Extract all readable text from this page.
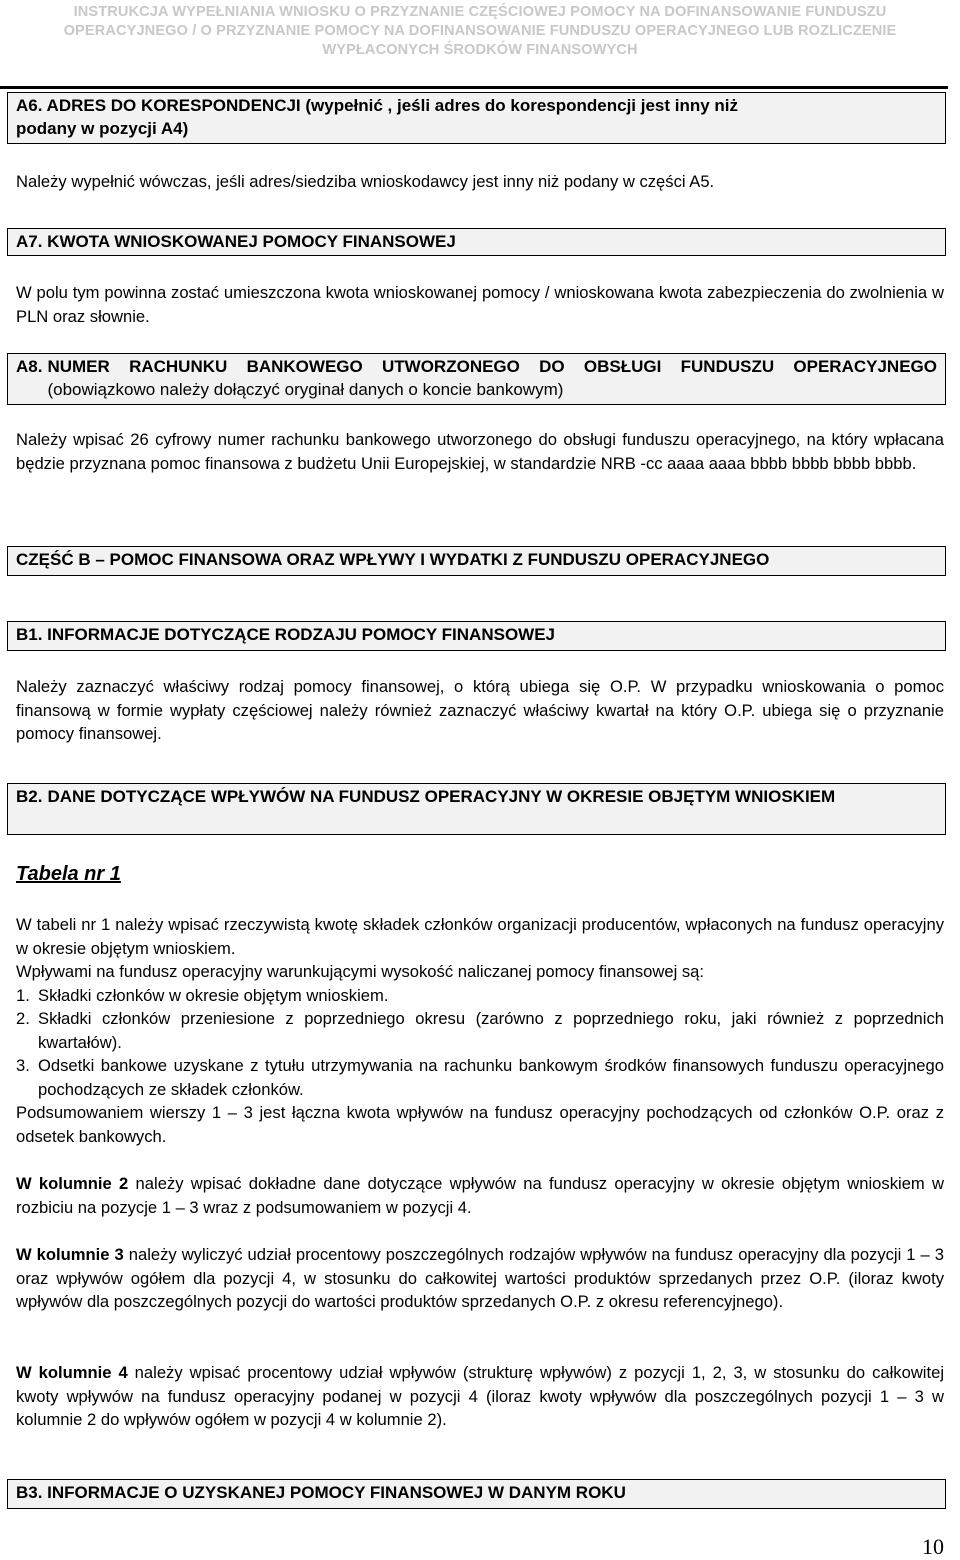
INSTRUKCJA WYPEŁNIANIA WNIOSKU O PRZYZNANIE CZĘŚCIOWEJ POMOCY NA DOFINANSOWANIE FUNDUSZU
OPERACYJNEGO / O PRZYZNANIE POMOCY NA DOFINANSOWANIE FUNDUSZU OPERACYJNEGO LUB ROZLICZENIE
WYPŁACONYCH ŚRODKÓW FINANSOWYCH
A6. ADRES DO KORESPONDENCJI (wypełnić , jeśli adres do korespondencji jest inny niż
podany w pozycji A4)
Należy wypełnić wówczas, jeśli adres/siedziba wnioskodawcy jest inny niż podany w części A5.
A7. KWOTA WNIOSKOWANEJ POMOCY FINANSOWEJ
W polu tym powinna zostać umieszczona kwota wnioskowanej pomocy / wnioskowana kwota zabezpieczenia do zwolnienia w PLN oraz słownie.
A8. NUMER RACHUNKU BANKOWEGO UTWORZONEGO DO OBSŁUGI FUNDUSZU OPERACYJNEGO (obowiązkowo należy dołączyć oryginał danych o koncie bankowym)
Należy wpisać 26 cyfrowy numer rachunku bankowego utworzonego do obsługi funduszu operacyjnego, na który wpłacana będzie przyznana pomoc finansowa z budżetu Unii Europejskiej, w standardzie NRB -cc aaaa aaaa bbbb bbbb bbbb bbbb.
CZĘŚĆ B – POMOC FINANSOWA ORAZ WPŁYWY I WYDATKI Z FUNDUSZU OPERACYJNEGO
B1. INFORMACJE DOTYCZĄCE RODZAJU POMOCY FINANSOWEJ
Należy zaznaczyć właściwy rodzaj pomocy finansowej, o którą ubiega się O.P. W przypadku wnioskowania o pomoc finansową w formie wypłaty częściowej należy również zaznaczyć właściwy kwartał na który O.P. ubiega się o przyznanie pomocy finansowej.
B2. DANE DOTYCZĄCE WPŁYWÓW NA FUNDUSZ OPERACYJNY W OKRESIE OBJĘTYM WNIOSKIEM
Tabela nr 1
W tabeli nr 1 należy wpisać rzeczywistą kwotę składek członków organizacji producentów, wpłaconych na fundusz operacyjny w okresie objętym wnioskiem.
Wpływami na fundusz operacyjny warunkującymi wysokość naliczanej pomocy finansowej są:
1. Składki członków w okresie objętym wnioskiem.
2. Składki członków przeniesione z poprzedniego okresu (zarówno z poprzedniego roku, jaki również z poprzednich kwartałów).
3. Odsetki bankowe uzyskane z tytułu utrzymywania na rachunku bankowym środków finansowych funduszu operacyjnego pochodzących ze składek członków.
Podsumowaniem wierszy 1 – 3 jest łączna kwota wpływów na fundusz operacyjny pochodzących od członków O.P. oraz z odsetek bankowych.
W kolumnie 2 należy wpisać dokładne dane dotyczące wpływów na fundusz operacyjny w okresie objętym wnioskiem w rozbiciu na pozycje 1 – 3 wraz z podsumowaniem w pozycji 4.
W kolumnie 3 należy wyliczyć udział procentowy poszczególnych rodzajów wpływów na fundusz operacyjny dla pozycji 1 – 3 oraz wpływów ogółem dla pozycji 4, w stosunku do całkowitej wartości produktów sprzedanych przez O.P. (iloraz kwoty wpływów dla poszczególnych pozycji do wartości produktów sprzedanych O.P. z okresu referencyjnego).
W kolumnie 4 należy wpisać procentowy udział wpływów (strukturę wpływów) z pozycji 1, 2, 3, w stosunku do całkowitej kwoty wpływów na fundusz operacyjny podanej w pozycji 4 (iloraz kwoty wpływów dla poszczególnych pozycji 1 – 3 w kolumnie 2 do wpływów ogółem w pozycji 4 w kolumnie 2).
B3. INFORMACJE O UZYSKANEJ POMOCY FINANSOWEJ W DANYM ROKU
10
